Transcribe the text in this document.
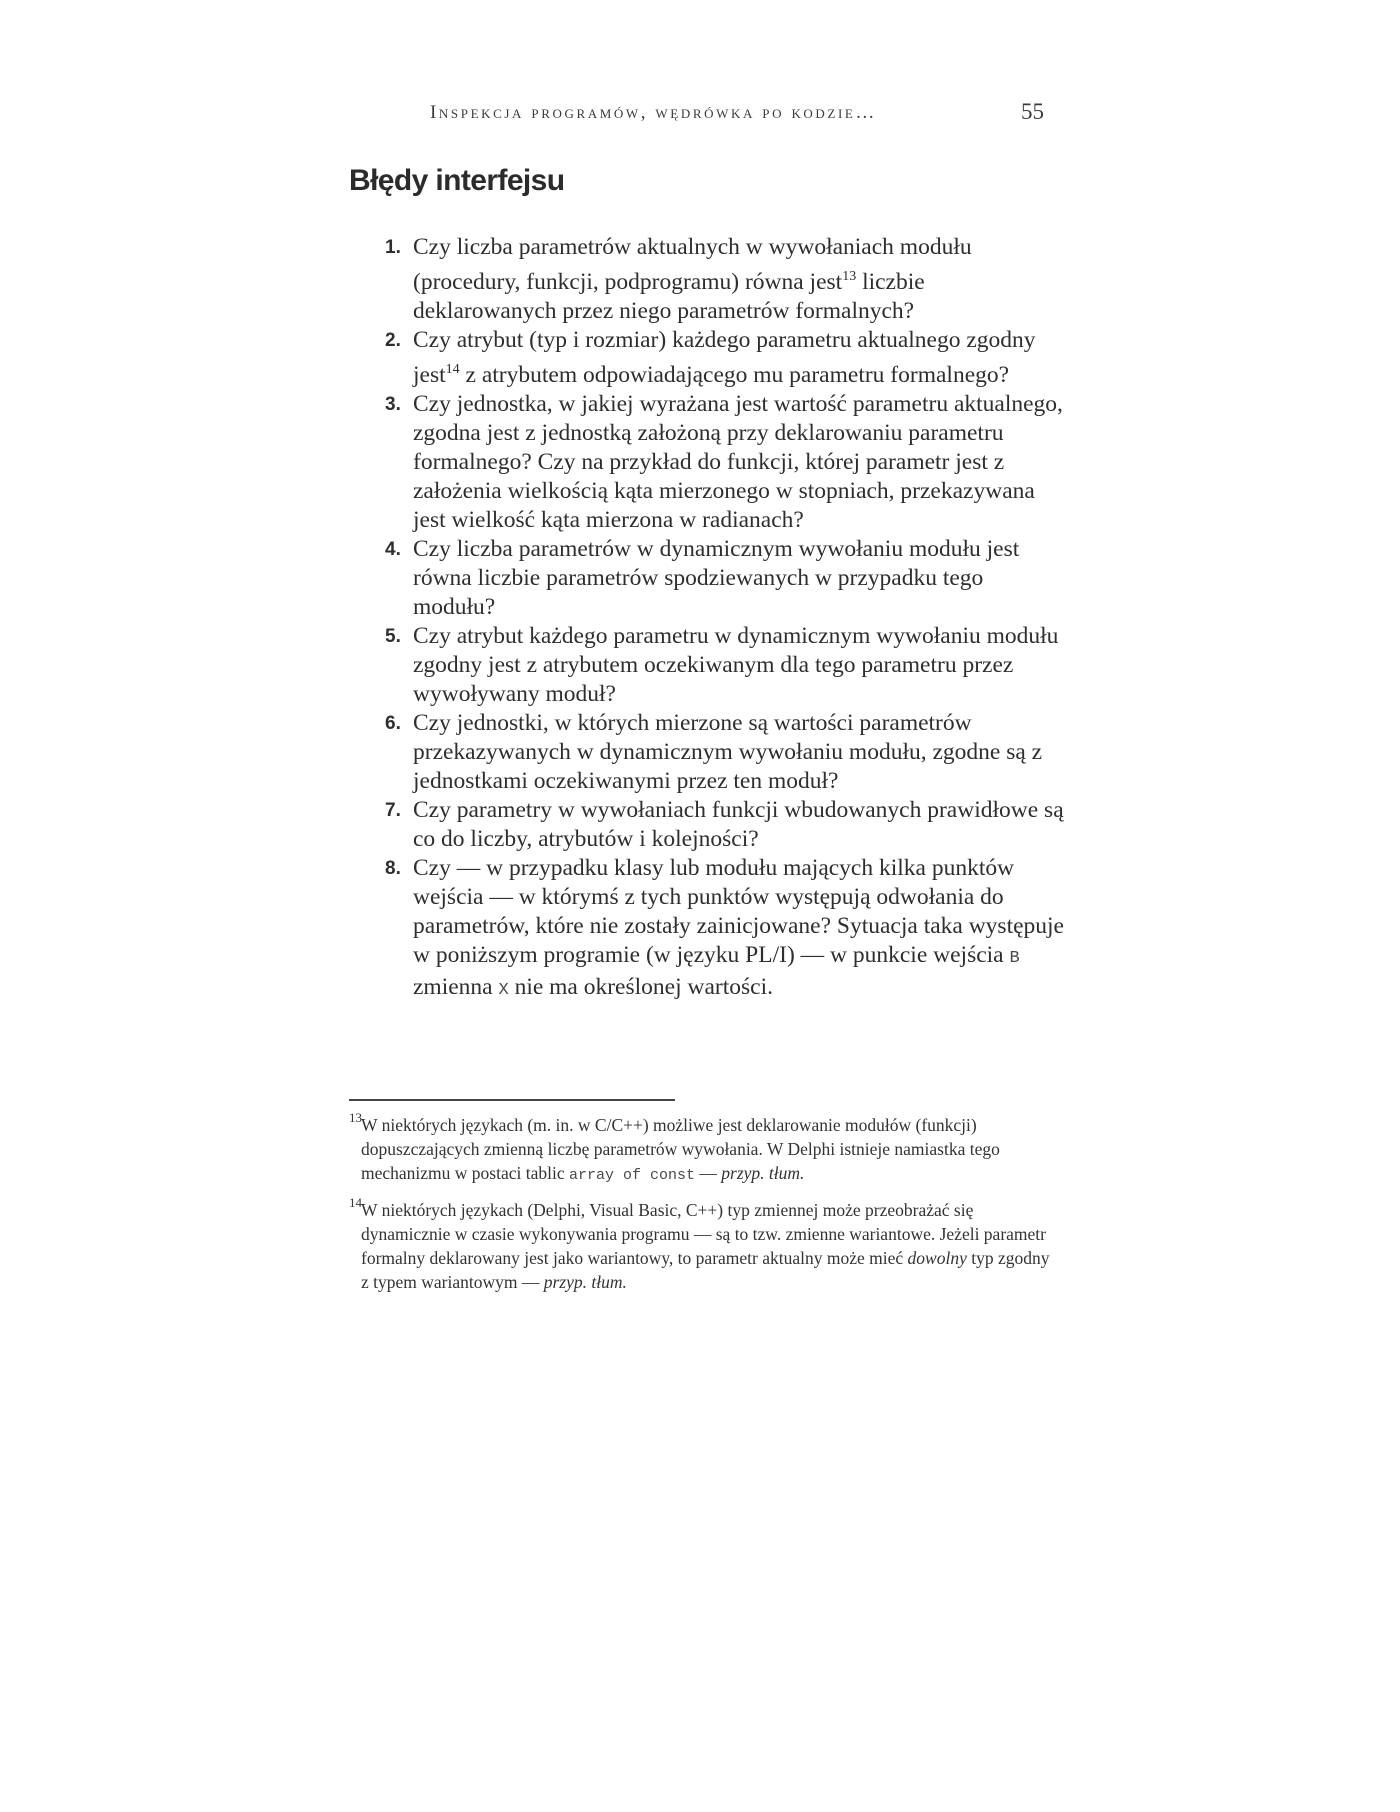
Inspekcja programów, wędrówka po kodzie…	55
Błędy interfejsu
1. Czy liczba parametrów aktualnych w wywołaniach modułu (procedury, funkcji, podprogramu) równa jest$^{13}$ liczbie deklarowanych przez niego parametrów formalnych?
2. Czy atrybut (typ i rozmiar) każdego parametru aktualnego zgodny jest$^{14}$ z atrybutem odpowiadającego mu parametru formalnego?
3. Czy jednostka, w jakiej wyrażana jest wartość parametru aktualnego, zgodna jest z jednostką założoną przy deklarowaniu parametru formalnego? Czy na przykład do funkcji, której parametr jest z założenia wielkością kąta mierzonego w stopniach, przekazywana jest wielkość kąta mierzona w radianach?
4. Czy liczba parametrów w dynamicznym wywołaniu modułu jest równa liczbie parametrów spodziewanych w przypadku tego modułu?
5. Czy atrybut każdego parametru w dynamicznym wywołaniu modułu zgodny jest z atrybutem oczekiwanym dla tego parametru przez wywoływany moduł?
6. Czy jednostki, w których mierzone są wartości parametrów przekazywanych w dynamicznym wywołaniu modułu, zgodne są z jednostkami oczekiwanymi przez ten moduł?
7. Czy parametry w wywołaniach funkcji wbudowanych prawidłowe są co do liczby, atrybutów i kolejności?
8. Czy — w przypadku klasy lub modułu mających kilka punktów wejścia — w którymś z tych punktów występują odwołania do parametrów, które nie zostały zainicjowane? Sytuacja taka występuje w poniższym programie (w języku PL/I) — w punkcie wejścia B zmienna X nie ma określonej wartości.

13 W niektórych językach (m. in. w C/C++) możliwe jest deklarowanie modułów (funkcji) dopuszczających zmienną liczbę parametrów wywołania. W Delphi istnieje namiastka tego mechanizmu w postaci tablic array of const — przyp. tłum.

14 W niektórych językach (Delphi, Visual Basic, C++) typ zmiennej może przeobrażać się dynamicznie w czasie wykonywania programu — są to tzw. zmienne wariantowe. Jeżeli parametr formalny deklarowany jest jako wariantowy, to parametr aktualny może mieć dowolny typ zgodny z typem wariantowym — przyp. tłum.
